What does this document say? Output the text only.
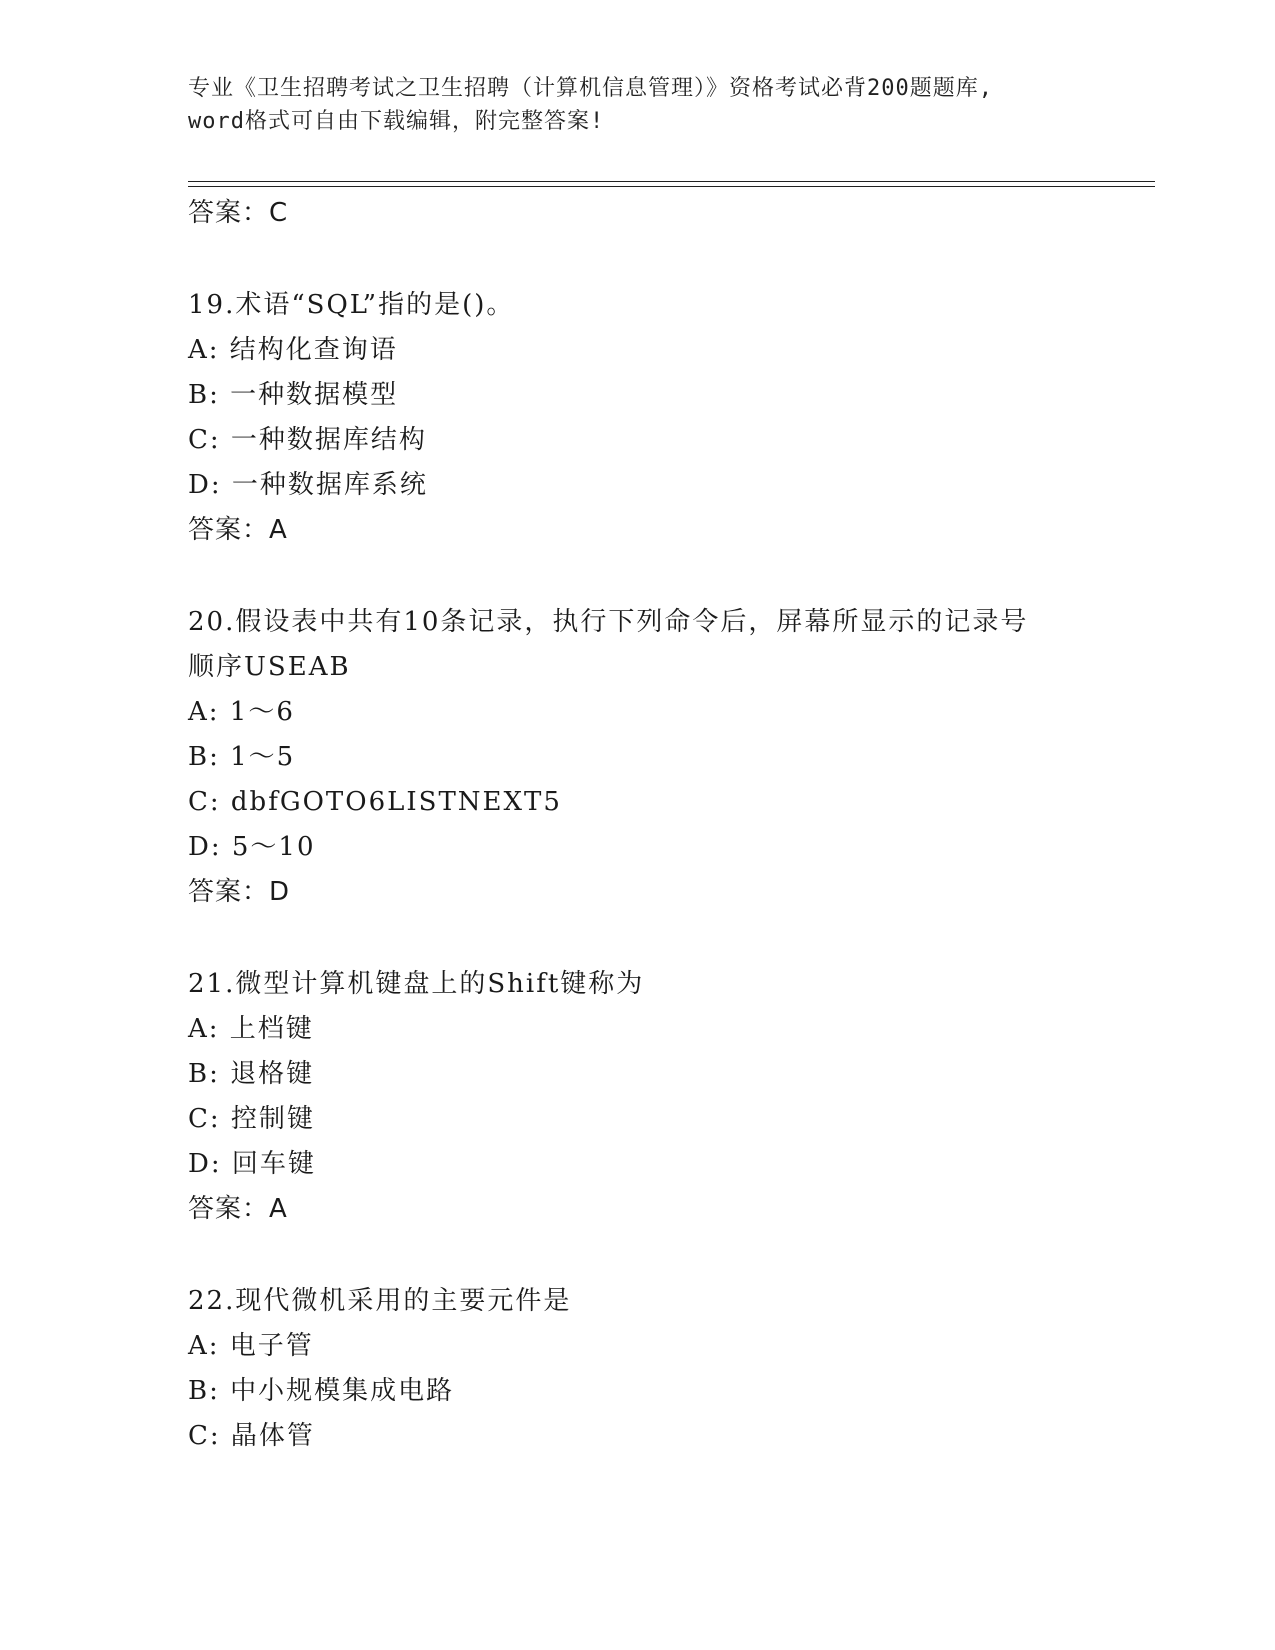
专业《卫生招聘考试之卫生招聘（计算机信息管理）》资格考试必背200题题库,
word格式可自由下载编辑，附完整答案!
答案：C
19.术语“SQL”指的是()。
A: 结构化查询语
B: 一种数据模型
C: 一种数据库结构
D: 一种数据库系统
答案：A
20.假设表中共有10条记录，执行下列命令后，屏幕所显示的记录号
顺序USEAB
A: 1～6
B: 1～5
C: dbfGOTO6LISTNEXT5
D: 5～10
答案：D
21.微型计算机键盘上的Shift键称为
A: 上档键
B: 退格键
C: 控制键
D: 回车键
答案：A
22.现代微机采用的主要元件是
A: 电子管
B: 中小规模集成电路
C: 晶体管
